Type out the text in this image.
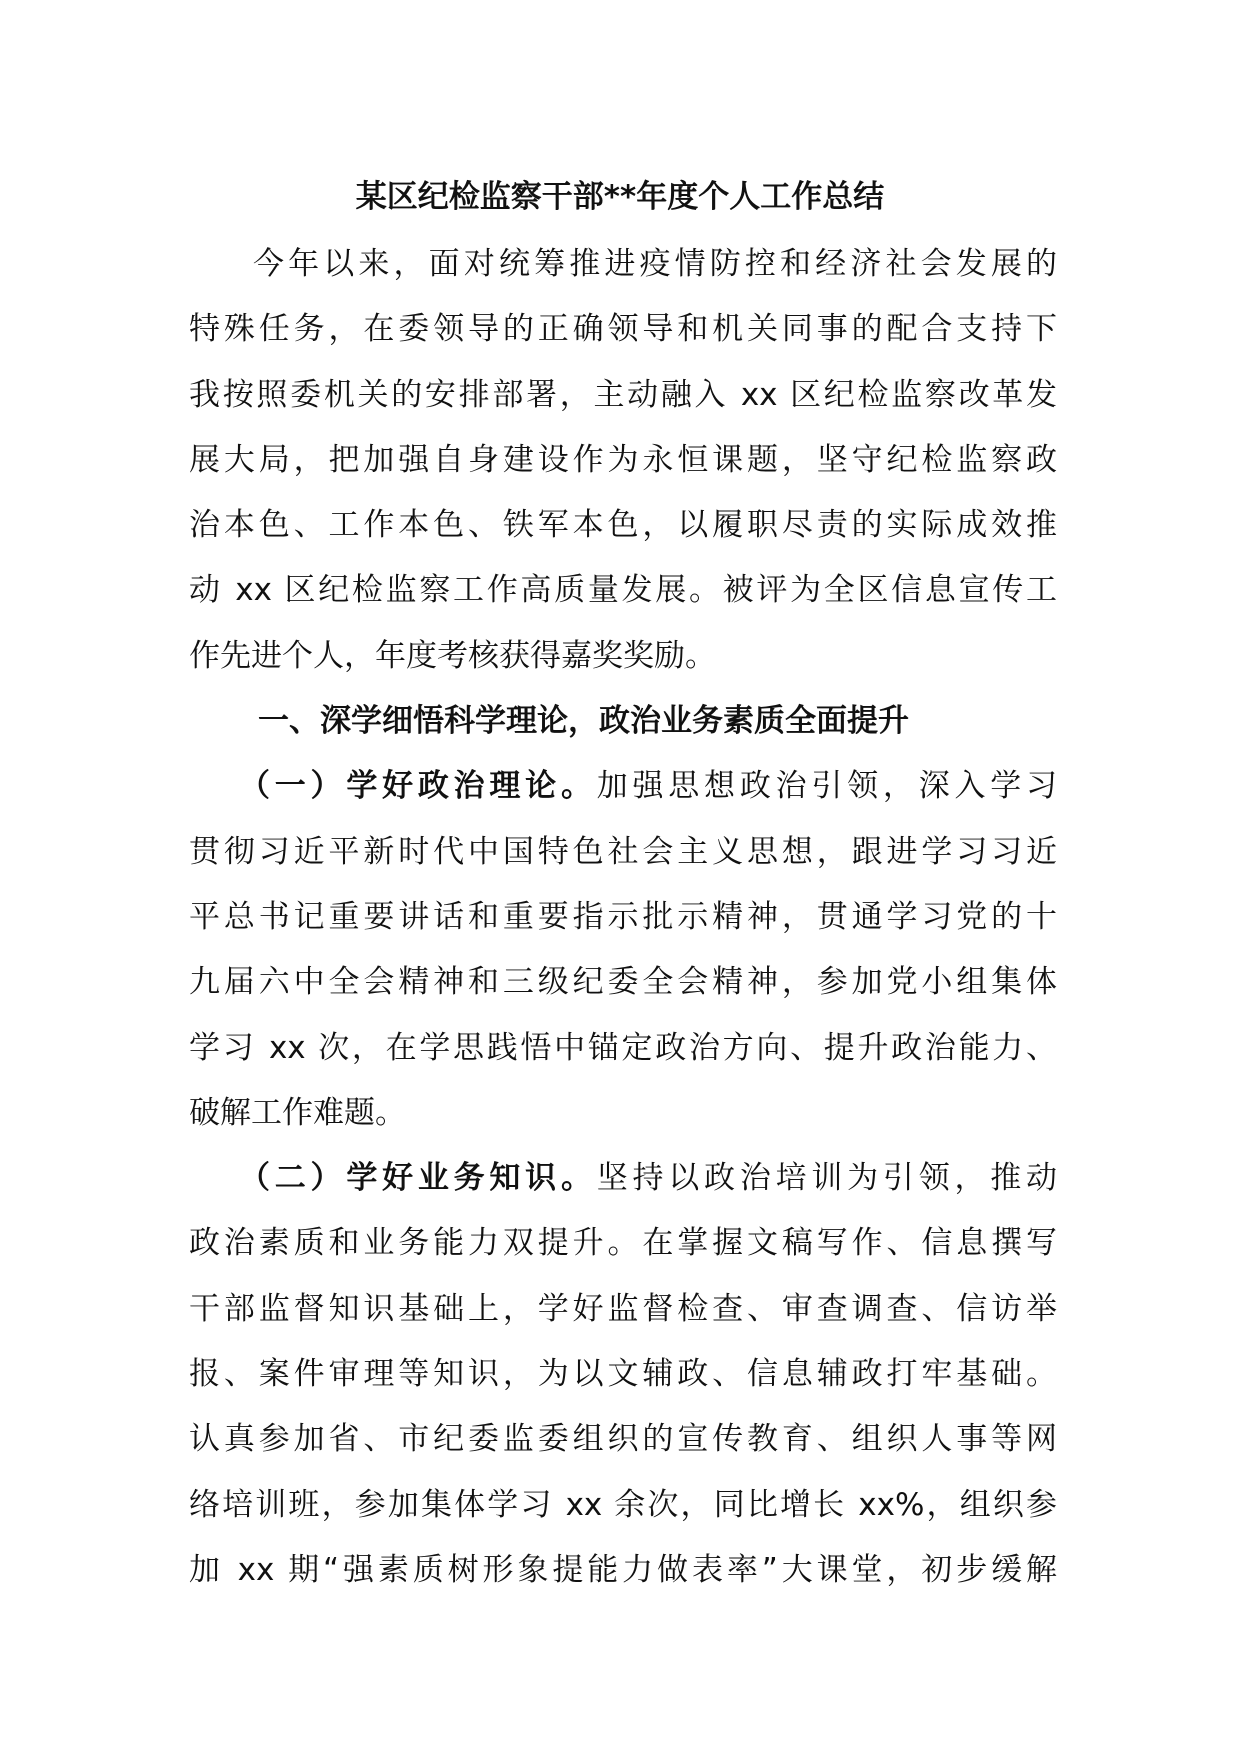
某区纪检监察干部**年度个人工作总结
今年以来，面对统筹推进疫情防控和经济社会发展的
特殊任务，在委领导的正确领导和机关同事的配合支持下
我按照委机关的安排部署，主动融入 xx 区纪检监察改革发
展大局，把加强自身建设作为永恒课题，坚守纪检监察政
治本色、工作本色、铁军本色，以履职尽责的实际成效推
动 xx 区纪检监察工作高质量发展。被评为全区信息宣传工
作先进个人，年度考核获得嘉奖奖励。
一、深学细悟科学理论，政治业务素质全面提升
（一）学好政治理论。加强思想政治引领，深入学习
贯彻习近平新时代中国特色社会主义思想，跟进学习习近
平总书记重要讲话和重要指示批示精神，贯通学习党的十
九届六中全会精神和三级纪委全会精神，参加党小组集体
学习 xx 次，在学思践悟中锚定政治方向、提升政治能力、
破解工作难题。
（二）学好业务知识。坚持以政治培训为引领，推动
政治素质和业务能力双提升。在掌握文稿写作、信息撰写
干部监督知识基础上，学好监督检查、审查调查、信访举
报、案件审理等知识，为以文辅政、信息辅政打牢基础。
认真参加省、市纪委监委组织的宣传教育、组织人事等网
络培训班，参加集体学习 xx 余次，同比增长 xx%，组织参
加 xx 期“强素质树形象提能力做表率”大课堂，初步缓解
